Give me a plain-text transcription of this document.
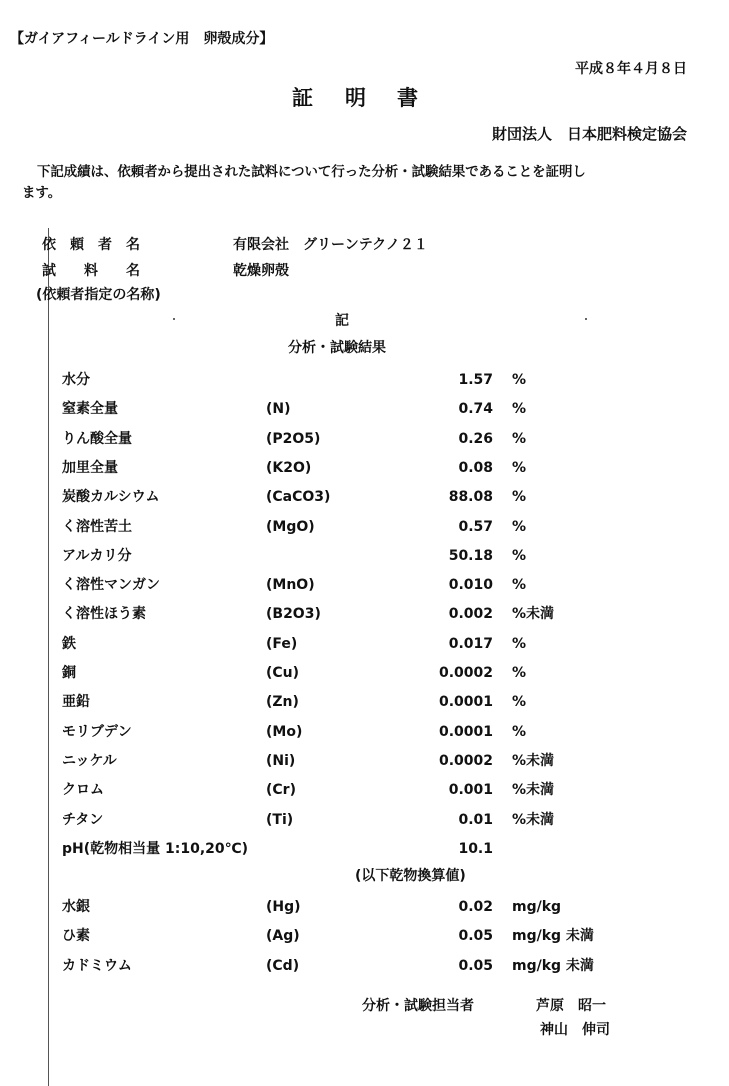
【ガイアフィールドライン用　卵殻成分】
平成８年４月８日
証 明 書
財団法人　日本肥料検定協会
下記成績は、依頼者から提出された試料について行った分析・試験結果であることを証明し
ます。
依　頼　者　名	有限会社　グリーンテクノ２１
試　　料　　名	乾燥卵殻
(依頼者指定の名称)
記
分析・試験結果
水分	1.57 %
窒素全量	(N)	0.74 %
りん酸全量	(P2O5)	0.26 %
加里全量	(K2O)	0.08 %
炭酸カルシウム	(CaCO3)	88.08 %
く溶性苦土	(MgO)	0.57 %
アルカリ分	50.18 %
く溶性マンガン	(MnO)	0.010 %
く溶性ほう素	(B2O3)	0.002 %未満
鉄	(Fe)	0.017 %
銅	(Cu)	0.0002 %
亜鉛	(Zn)	0.0001 %
モリブデン	(Mo)	0.0001 %
ニッケル	(Ni)	0.0002 %未満
クロム	(Cr)	0.001 %未満
チタン	(Ti)	0.01 %未満
pH(乾物相当量 1:10,20℃)	10.1
(以下乾物換算値)
水銀	(Hg)	0.02 mg/kg
ひ素	(Ag)	0.05 mg/kg 未満
カドミウム	(Cd)	0.05 mg/kg 未満
分析・試験担当者	芦原　昭一
神山　伸司
